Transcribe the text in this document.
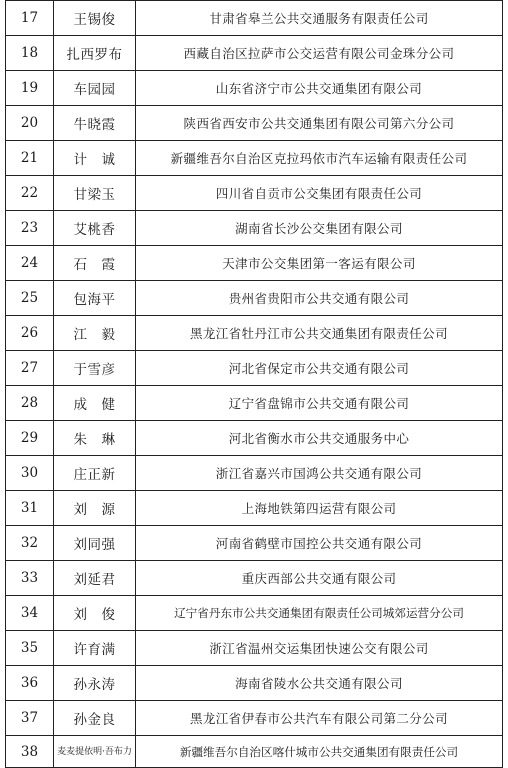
17	王锡俊	甘肃省皋兰公共交通服务有限责任公司
18	扎西罗布	西藏自治区拉萨市公交运营有限公司金珠分公司
19	车园园	山东省济宁市公共交通集团有限公司
20	牛晓霞	陕西省西安市公共交通集团有限公司第六分公司
21	计　诚	新疆维吾尔自治区克拉玛依市汽车运输有限责任公司
22	甘梁玉	四川省自贡市公交集团有限责任公司
23	艾桃香	湖南省长沙公交集团有限公司
24	石　霞	天津市公交集团第一客运有限公司
25	包海平	贵州省贵阳市公共交通有限公司
26	江　毅	黑龙江省牡丹江市公共交通集团有限责任公司
27	于雪彦	河北省保定市公共交通有限公司
28	成　健	辽宁省盘锦市公共交通有限公司
29	朱　琳	河北省衡水市公共交通服务中心
30	庄正新	浙江省嘉兴市国鸿公共交通有限公司
31	刘　源	上海地铁第四运营有限公司
32	刘同强	河南省鹤壁市国控公共交通有限公司
33	刘延君	重庆西部公共交通有限公司
34	刘　俊	辽宁省丹东市公共交通集团有限责任公司城郊运营分公司
35	许育满	浙江省温州交运集团快速公交有限公司
36	孙永涛	海南省陵水公共交通有限公司
37	孙金良	黑龙江省伊春市公共汽车有限公司第二分公司
38	麦麦提依明·吾布力	新疆维吾尔自治区喀什城市公共交通集团有限责任公司
